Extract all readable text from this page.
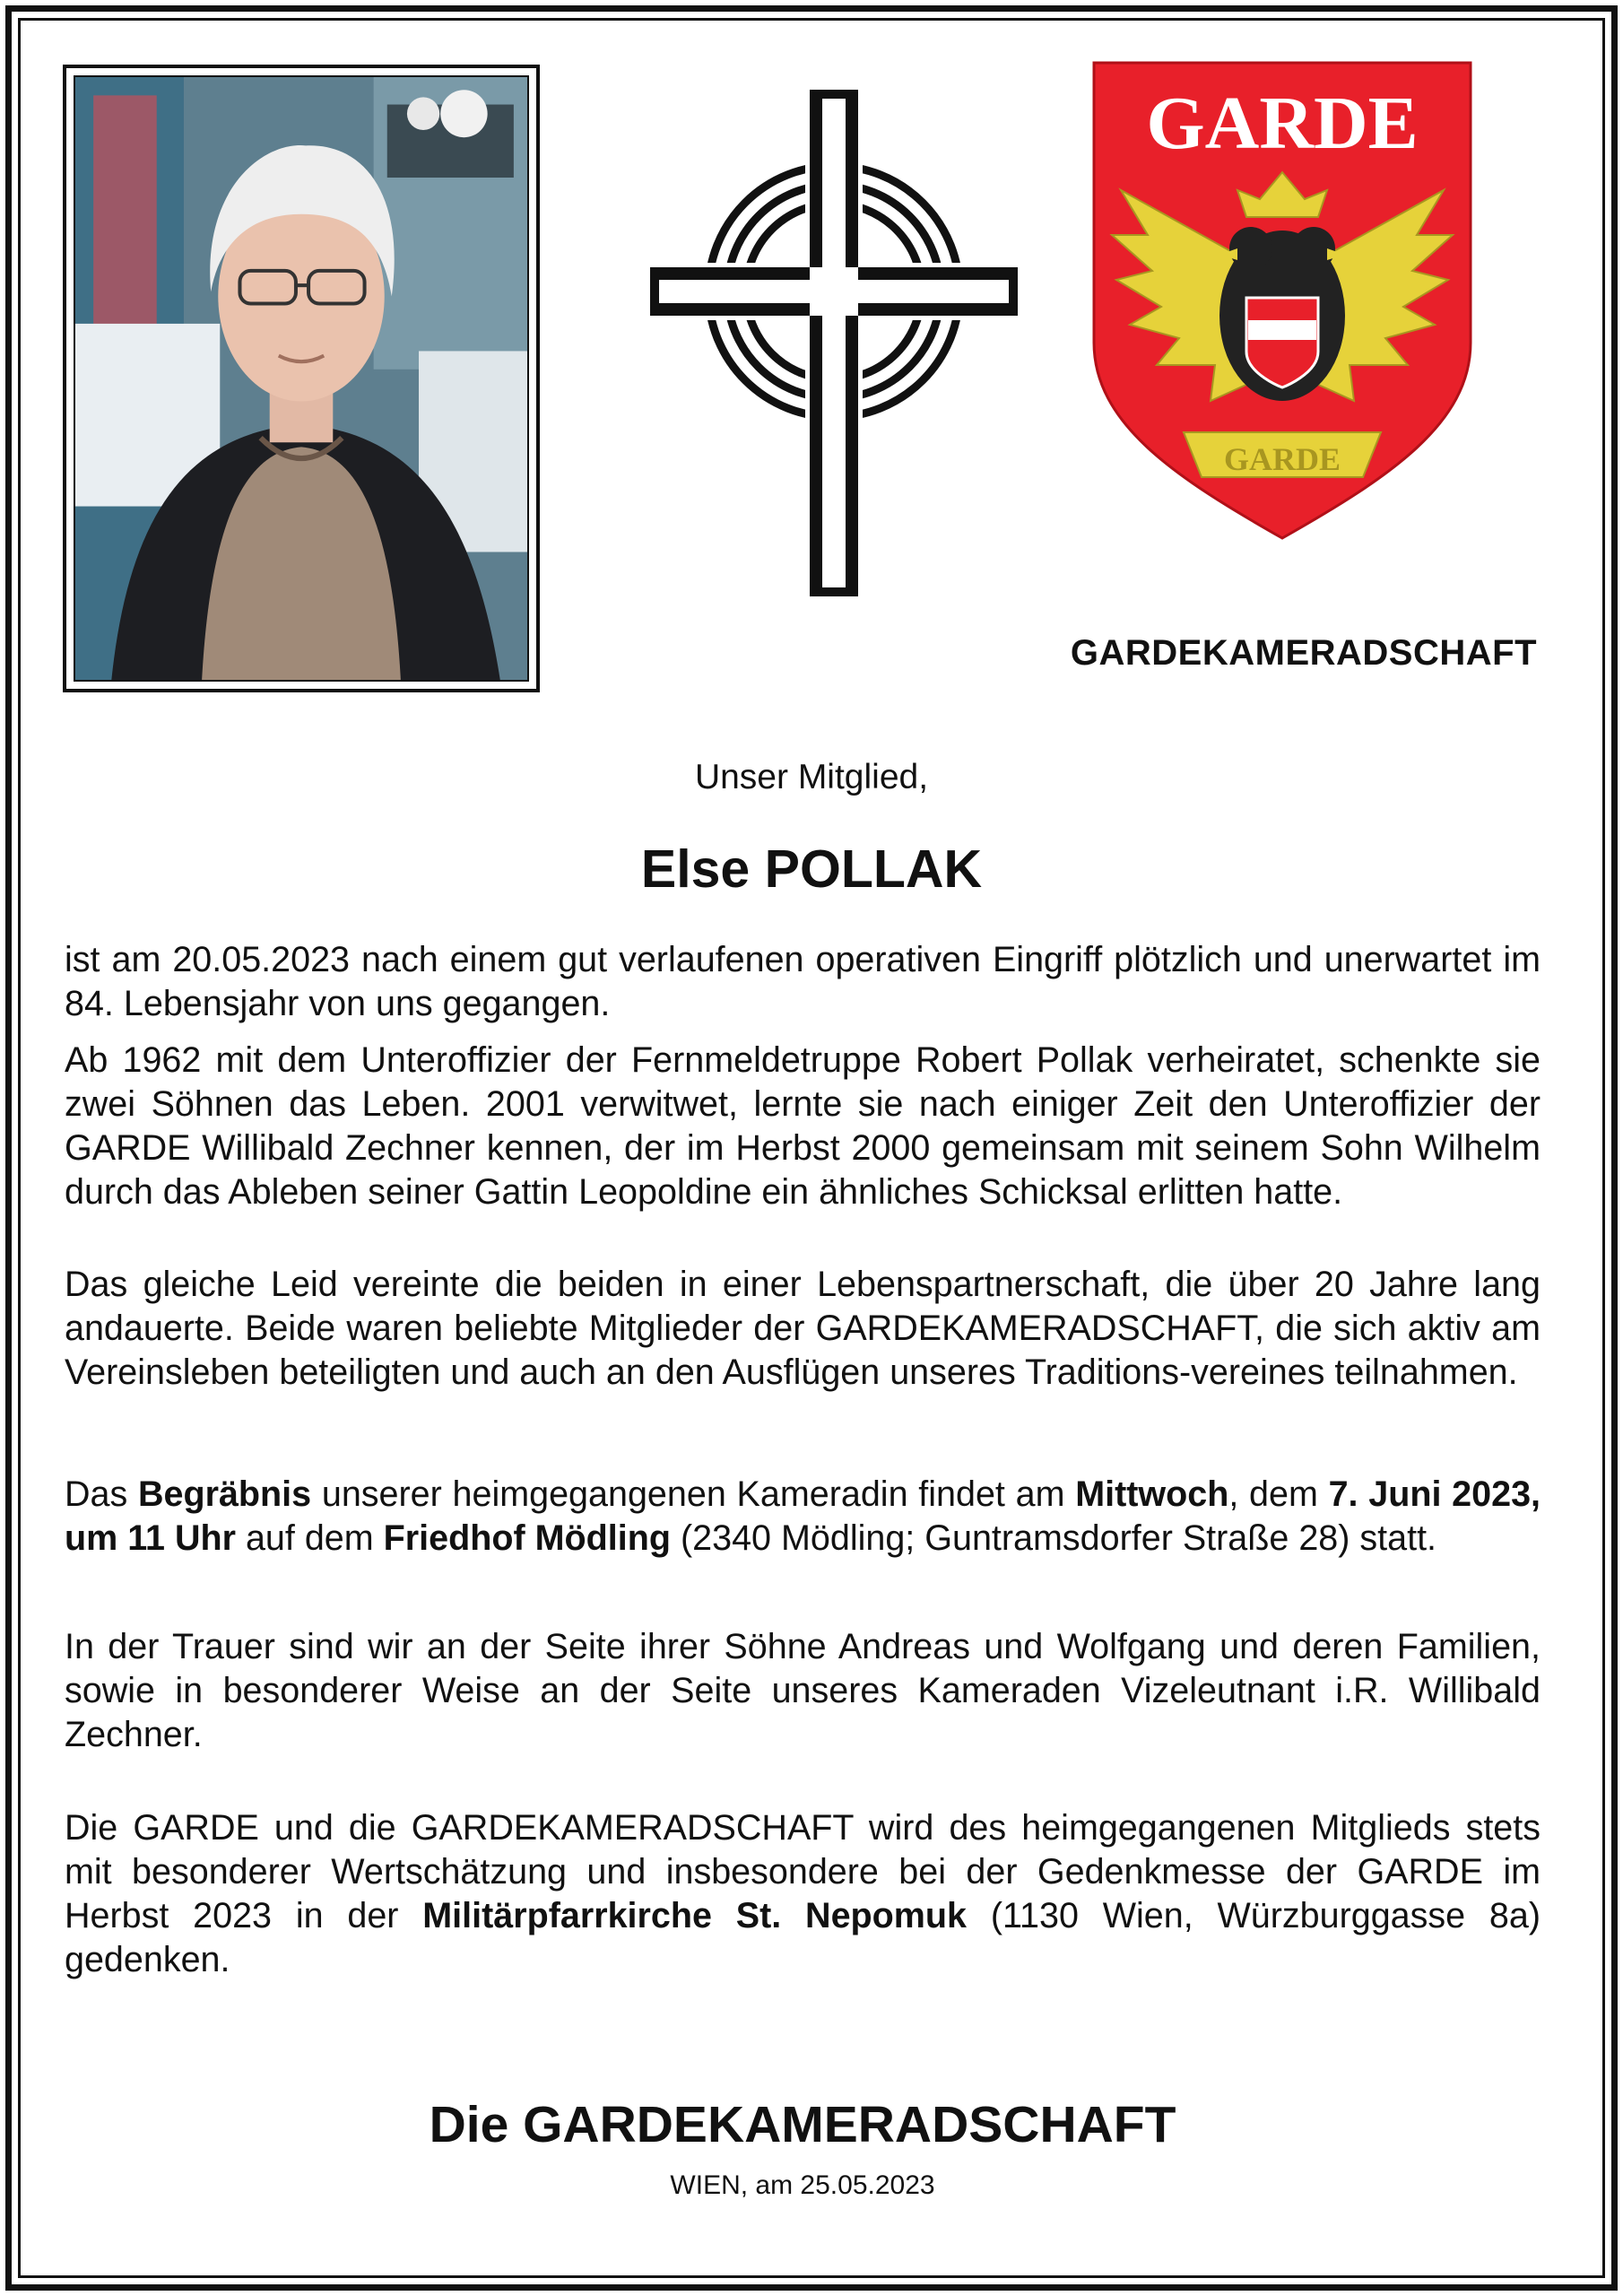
GARDE
GARDE
GARDEKAMERADSCHAFT
Unser Mitglied,
Else POLLAK
ist am 20.05.2023 nach einem gut verlaufenen operativen Eingriff plötzlich und unerwartet im 84. Lebensjahr von uns gegangen.
Ab 1962 mit dem Unteroffizier der Fernmeldetruppe Robert Pollak verheiratet, schenkte sie zwei Söhnen das Leben. 2001 verwitwet, lernte sie nach einiger Zeit den Unteroffizier der GARDE Willibald Zechner kennen, der im Herbst 2000 gemeinsam mit seinem Sohn Wilhelm durch das Ableben seiner Gattin Leopoldine ein ähnliches Schicksal erlitten hatte.
Das gleiche Leid vereinte die beiden in einer Lebenspartnerschaft, die über 20 Jahre lang andauerte. Beide waren beliebte Mitglieder der GARDEKAMERADSCHAFT, die sich aktiv am Vereinsleben beteiligten und auch an den Ausflügen unseres Traditions-vereines teilnahmen.
Das Begräbnis unserer heimgegangenen Kameradin findet am Mittwoch, dem 7. Juni 2023, um 11 Uhr auf dem Friedhof Mödling (2340 Mödling; Guntramsdorfer Straße 28) statt.
In der Trauer sind wir an der Seite ihrer Söhne Andreas und Wolfgang und deren Familien, sowie in besonderer Weise an der Seite unseres Kameraden Vizeleutnant i.R. Willibald Zechner.
Die GARDE und die GARDEKAMERADSCHAFT wird des heimgegangenen Mitglieds stets mit besonderer Wertschätzung und insbesondere bei der Gedenkmesse der GARDE im Herbst 2023 in der Militärpfarrkirche St. Nepomuk (1130 Wien, Würzburggasse 8a) gedenken.
Die GARDEKAMERADSCHAFT
WIEN, am 25.05.2023
